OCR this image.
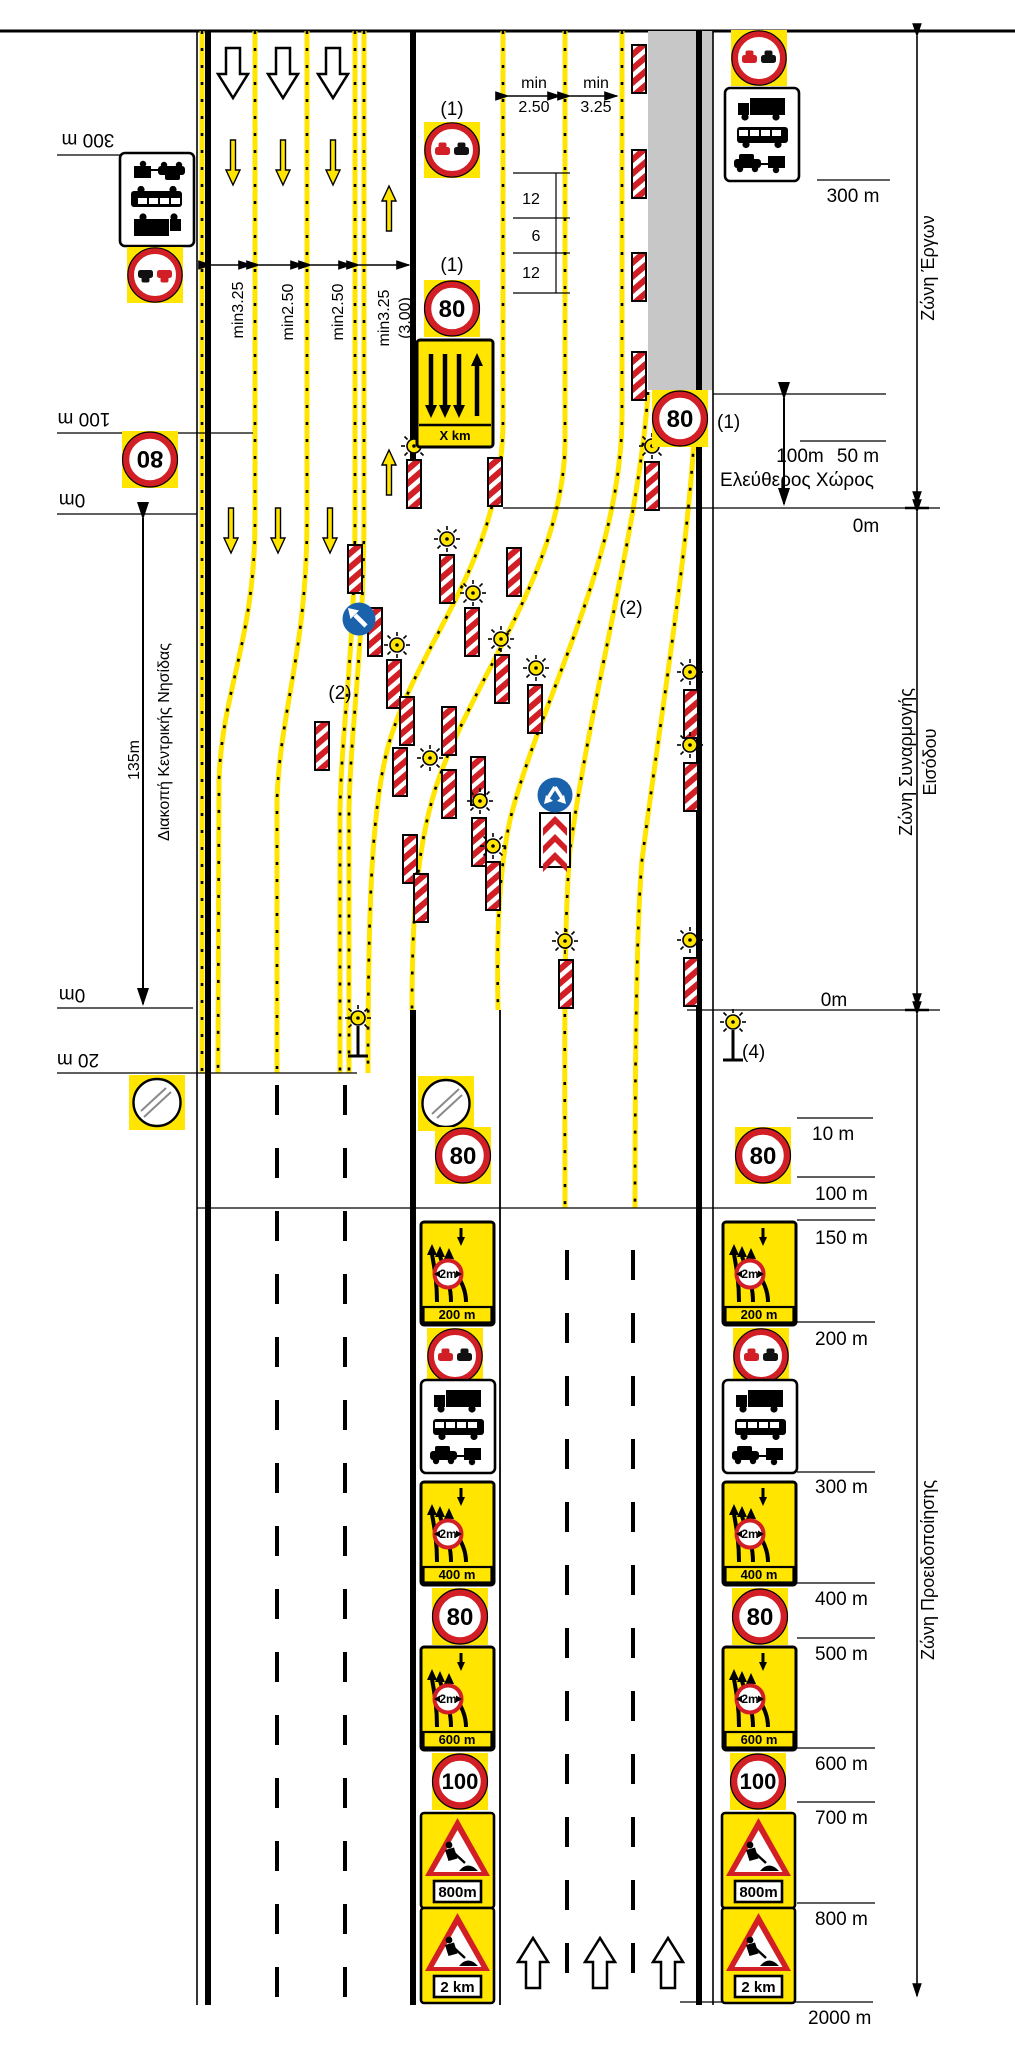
300 m
100 m
80
0m
135m Διακοπή Κεντρικής Νησίδας
0m
20 m
min3.25 min2.50 min2.50 min3.25 (3.00)
min
2.50
min
3.25
12
6
12
(1)
(1)
80
X km
80
2m
200 m
2m
400 m
80
2m
600 m
100
800m
2 km
80 (1)
300 m
80
2m
200 m
2m
400 m
80
2m
600 m
100
800m
2 km
100m
Ελεύθερος Χώρος
50 m
0m
(4)
0m
10 m
100 m
150 m
200 m
300 m
400 m
500 m
600 m
700 m
800 m
2000 m
Ζώνη Έργων
Ζώνη Συναρμογής Εισόδου
Ζώνη Προειδοποίησης
(2)
(2)
